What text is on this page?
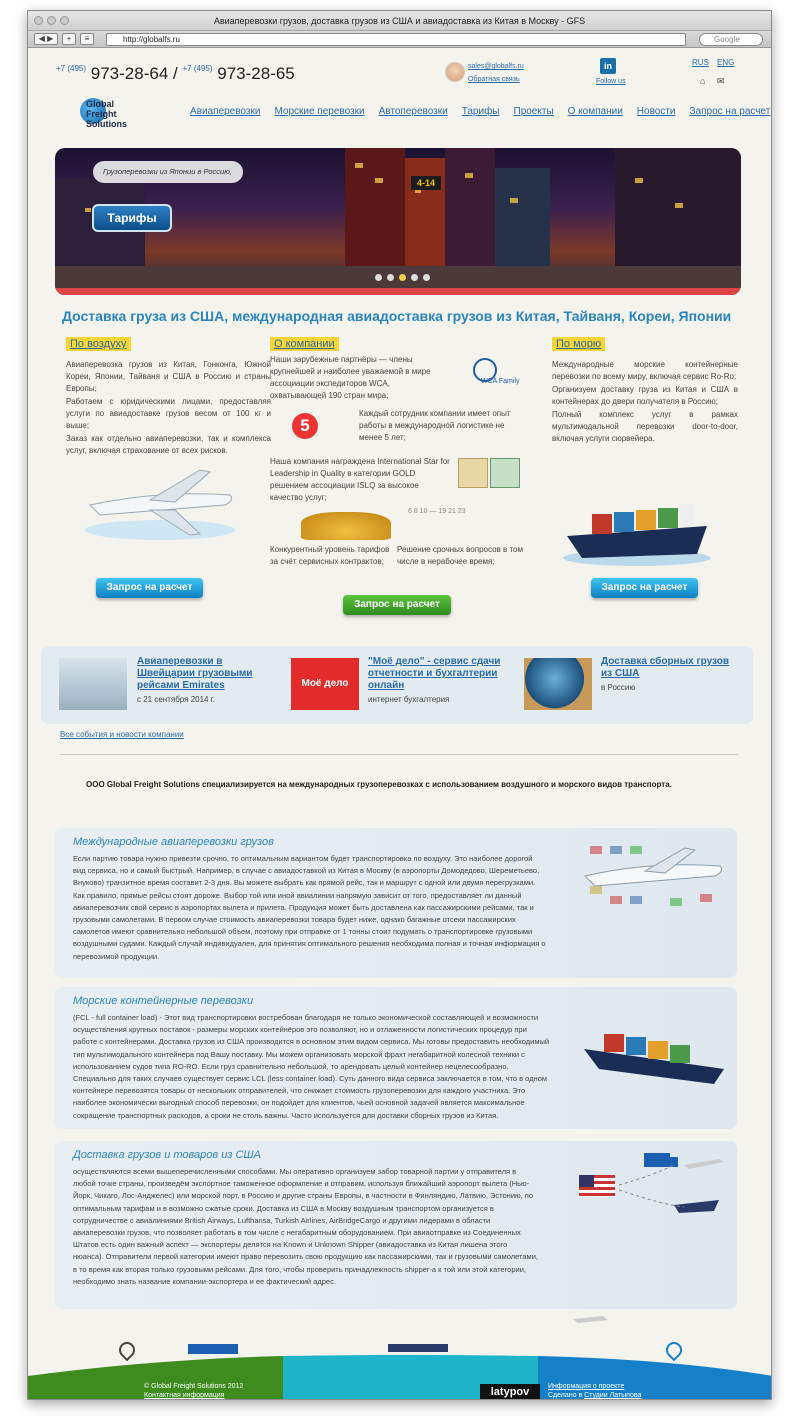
Авиаперевозки грузов, доставка грузов из США и авиадоставка из Китая в Москву - GFS
◀ ▶	+	≡	http://globalfs.ru	Google
$^{+7 (495)}$ 973-28-64 / $^{+7 (495)}$ 973-28-65	sales@globalfs.ru
Обратная связь
in
Follow us
RUS ENG
⌂ ✉
Global
Freight
Solutions
Авиаперевозки Морские перевозки Автоперевозки Тарифы Проекты О компании Новости Запрос на расчет
Грузоперевозки из Японии в Россию,
4-14
Тарифы
Доставка груза из США, международная авиадоставка грузов из Китая, Тайваня, Кореи, Японии
По воздуху

Авиаперевозка грузов из Китая, Гонконга, Южной Кореи, Японии, Тайваня и США в Россию и страны Европы;

Работаем с юридическими лицами, предоставляя услуги по авиадоставке грузов весом от 100 кг и выше;

Заказ как отдельно авиаперевозки, так и комплекса услуг, включая страхование от всех рисков.

Запрос на расчет
О компании
Наши зарубежные партнёры — члены крупнейшей и наиболее уважаемой в мире ассоциации экспедиторов WCA, охватывающей 190 стран мира;
WCA Family
5
Каждый сотрудник компании имеет опыт работы в международной логистике не менее 5 лет;
Наша компания награждена International Star for Leadership in Quality в категории GOLD решением ассоциации ISLQ за высокое качество услуг;
Конкурентный уровень тарифов за счёт сервисных контрактов;
6 8 10 — 19 21 23
Решение срочных вопросов в том числе в нерабочее время;
Запрос на расчет
По морю

Международные морские контейнерные перевозки по всему миру, включая сервис Ro-Ro;

Организуем доставку груза из Китая и США в контейнерах до двери получателя в Россию;

Полный комплекс услуг в рамках мультимодальной перевозки door-to-door, включая услуги сюрвейера.

Запрос на расчет
Авиаперевозки в Швейцарии грузовыми рейсами Emirates
с 21 сентября 2014 г.
Моё дело
"Моё дело" - сервис сдачи отчетности и бухгалтерии онлайн
интернет бухгалтерия
Доставка сборных грузов из США
в Россию
Все события и новости компании
ООО Global Freight Solutions специализируется на международных грузоперевозках с использованием воздушного и морского видов транспорта.
Международные авиаперевозки грузов
Если партию товара нужно привезти срочно, то оптимальным вариантом будет транспортировка по воздуху. Это наиболее дорогой вид сервиса, но и самый быстрый. Например, в случае с авиадоставкой из Китая в Москву (в аэропорты Домодедово, Шереметьево, Внуково) транзитное время составит 2-3 дня. Вы можете выбрать как прямой рейс, так и маршрут с одной или двумя перегрузками. Как правило, прямые рейсы стоят дороже. Выбор той или иной авиалинии напрямую зависит от того, предоставляет ли данный авиаперевозчик свой сервис в аэропортах вылета и прилета. Продукция может быть доставлена как пассажирскими рейсами, так и грузовыми самолетами. В первом случае стоимость авиаперевозки товара будет ниже, однако багажные отсеки пассажирских самолетов имеют сравнительно небольшой объем, поэтому при отправке от 1 тонны стоит подумать о транспортировке грузовыми воздушными судами. Каждый случай индивидуален, для принятия оптимального решения необходима полная и точная информация о перевозимой продукции.
Морские контейнерные перевозки
(FCL - full container load) - Этот вид транспортировки востребован благодаря не только экономической составляющей и возможности осуществления крупных поставок - размеры морских контейнёров это позволяют, но и отлаженности логистических процедур при работе с контейнерами. Доставка грузов из США производится в основном этим видом сервиса. Мы готовы предоставить необходимый тип мультимодального контейнера под Вашу поставку. Мы можем организовать морской фрахт негабаритной колесной техники с использованием судов типа RO-RO. Если груз сравнительно небольшой, то арендовать целый контейнер нецелесообразно. Специально для таких случаев существует сервис LCL (less container load). Суть данного вида сервиса заключается в том, что в одном контейнере перевозятся товары от нескольких отправителей, что снижает стоимость грузоперевозки для каждого участника. Это наиболее экономически выгодный способ перевозки, он подойдет для клиентов, чьей основной задачей является максимальное сокращение транспортных расходов, а сроки не столь важны. Часто используется для доставки сборных грузов из Китая.
Доставка грузов и товаров из США
осуществляются всеми вышеперечисленными способами. Мы оперативно организуем забор товарной партии у отправителя в любой точке страны, произведём экспортное таможенное оформление и отправим, используя ближайший аэропорт вылета (Нью-Йорк, Чикаго, Лос-Анджелес) или морской порт, в Россию и другие страны Европы, в частности в Финляндию, Латвию, Эстонию, по оптимальным тарифам и в возможно сжатые сроки. Доставка из США в Москву воздушным транспортом организуется в сотрудничестве с авиалиниями British Airways, Lufthansa, Turkish Airlines, AirBridgeCargo и другими лидерами в области авиаперевозки грузов, что позволяет работать в том числе с негабаритным оборудованием. При авиаотправке из Соединенных Штатов есть один важный аспект — экспортеры делятся на Known и Unknown Shipper (авиадоставка из Китая лишена этого нюанса). Отправители первой категории имеют право перевозить свою продукцию как пассажирскими, так и грузовыми самолетами, в то время как вторая только грузовыми рейсами. Для того, чтобы проверить принадлежность shipper-а к той или этой категории, необходимо знать название компании-экспортера и ее фактический адрес.
© Global Freight Solutions 2012
Контактная информация	latypov	Информация о проекте
Сделано в Студии Латыпова
